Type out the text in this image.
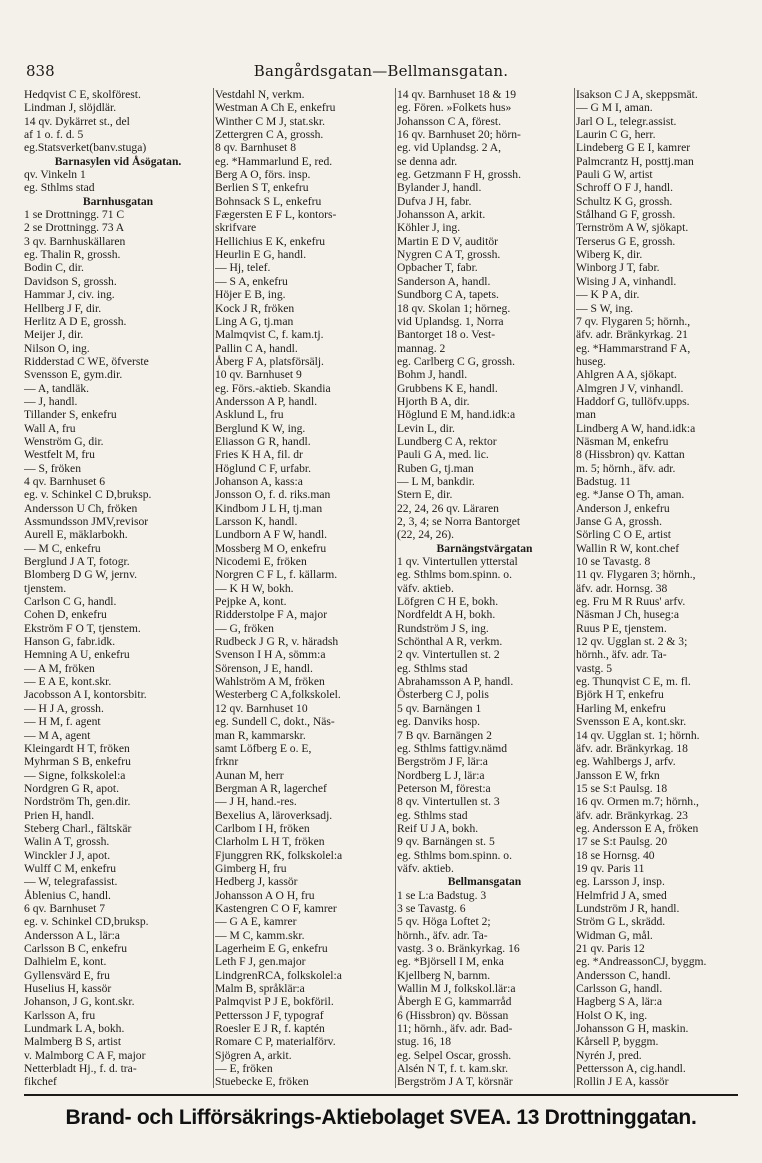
838	Bangårdsgatan—Bellmansgatan.
Hedqvist C E, skolförest.
Lindman J, slöjdlär.
14 qv. Dykärret st., del
af 1 o. f. d. 5
eg.Statsverket(banv.stuga)
Barnasylen vid Åsögatan.
qv. Vinkeln 1
eg. Sthlms stad
Barnhusgatan
1 se Drottningg. 71 C
2 se Drottningg. 73 A
3 qv. Barnhuskällaren
eg. Thalin R, grossh.
Bodin C, dir.
Davidson S, grossh.
Hammar J, civ. ing.
Hellberg J F, dir.
Herlitz A D E, grossh.
Meijer J, dir.
Nilson O, ing.
Ridderstad C WE, öfverste
Svensson E, gym.dir.
— A, tandläk.
— J, handl.
Tillander S, enkefru
Wall A, fru
Wenström G, dir.
Westfelt M, fru
— S, fröken
4 qv. Barnhuset 6
eg. v. Schinkel C D,bruksp.
Andersson U Ch, fröken
Assmundsson JMV,revisor
Aurell E, mäklarbokh.
— M C, enkefru
Berglund J A T, fotogr.
Blomberg D G W, jernv.
tjenstem.
Carlson C G, handl.
Cohen D, enkefru
Ekström F O T, tjenstem.
Hanson G, fabr.idk.
Hemning A U, enkefru
— A M, fröken
— E A E, kont.skr.
Jacobsson A I, kontorsbitr.
— H J A, grossh.
— H M, f. agent
— M A, agent
Kleingardt H T, fröken
Myhrman S B, enkefru
— Signe, folkskolel:a
Nordgren G R, apot.
Nordström Th, gen.dir.
Prien H, handl.
Steberg Charl., fältskär
Walin A T, grossh.
Winckler J J, apot.
Wulff C M, enkefru
— W, telegrafassist.
Åblenius C, handl.
6 qv. Barnhuset 7
eg. v. Schinkel CD,bruksp.
Andersson A L, lär:a
Carlsson B C, enkefru
Dalhielm E, kont.
Gyllensvärd E, fru
Huselius H, kassör
Johanson, J G, kont.skr.
Karlsson A, fru
Lundmark L A, bokh.
Malmberg B S, artist
v. Malmborg C A F, major
Netterbladt Hj., f. d. tra-
fikchef
Vestdahl N, verkm.
Westman A Ch E, enkefru
Winther C M J, stat.skr.
Zettergren C A, grossh.
8 qv. Barnhuset 8
eg. *Hammarlund E, red.
Berg A O, förs. insp.
Berlien S T, enkefru
Bohnsack S L, enkefru
Fægersten E F L, kontors-
skrifvare
Hellichius E K, enkefru
Heurlin E G, handl.
— Hj, telef.
— S A, enkefru
Höjer E B, ing.
Kock J R, fröken
Ling A G, tj.man
Malmqvist C, f. kam.tj.
Pallin C A, handl.
Åberg F A, platsförsälj.
10 qv. Barnhuset 9
eg. Förs.-aktieb. Skandia
Andersson A P, handl.
Asklund L, fru
Berglund K W, ing.
Eliasson G R, handl.
Fries K H A, fil. dr
Höglund C F, urfabr.
Johanson A, kass:a
Jonsson O, f. d. riks.man
Kindbom J L H, tj.man
Larsson K, handl.
Lundborn A F W, handl.
Mossberg M O, enkefru
Nicodemi E, fröken
Norgren C F L, f. källarm.
— K H W, bokh.
Pejpke A, kont.
Ridderstolpe F A, major
— G, fröken
Rudbeck J G R, v. häradsh
Svenson I H A, sömm:a
Sörenson, J E, handl.
Wahlström A M, fröken
Westerberg C A,folkskolel.
12 qv. Barnhuset 10
eg. Sundell C, dokt., Näs-
man R, kammarskr.
samt Löfberg E o. E,
frknr
Aunan M, herr
Bergman A R, lagerchef
— J H, hand.-res.
Bexelius A, läroverksadj.
Carlbom I H, fröken
Clarholm L H T, fröken
Fjunggren RK, folkskolel:a
Gimberg H, fru
Hedberg J, kassör
Johansson A O H, fru
Kastengren C O F, kamrer
— G A E, kamrer
— M C, kamm.skr.
Lagerheim E G, enkefru
Leth F J, gen.major
LindgrenRCA, folkskolel:a
Malm B, språklär:a
Palmqvist P J E, bokföril.
Pettersson J F, typograf
Roesler E J R, f. kaptén
Romare C P, materialförv.
Sjögren A, arkit.
— E, fröken
Stuebecke E, fröken
14 qv. Barnhuset 18 & 19
eg. Fören. »Folkets hus»
Johansson C A, förest.
16 qv. Barnhuset 20; hörn-
eg. vid Uplandsg. 2 A,
se denna adr.
eg. Getzmann F H, grossh.
Bylander J, handl.
Dufva J H, fabr.
Johansson A, arkit.
Köhler J, ing.
Martin E D V, auditör
Nygren C A T, grossh.
Opbacher T, fabr.
Sanderson A, handl.
Sundborg C A, tapets.
18 qv. Skolan 1; hörneg.
vid Uplandsg. 1, Norra
Bantorget 18 o. Vest-
mannag. 2
eg. Carlberg C G, grossh.
Bohm J, handl.
Grubbens K E, handl.
Hjorth B A, dir.
Höglund E M, hand.idk:a
Levin L, dir.
Lundberg C A, rektor
Pauli G A, med. lic.
Ruben G, tj.man
— L M, bankdir.
Stern E, dir.
22, 24, 26 qv. Läraren
2, 3, 4; se Norra Bantorget
(22, 24, 26).
Barnängstvärgatan
1 qv. Vintertullen ytterstal
eg. Sthlms bom.spinn. o.
väfv. aktieb.
Löfgren C H E, bokh.
Nordfeldt A H, bokh.
Rundström J S, ing.
Schönthal A R, verkm.
2 qv. Vintertullen st. 2
eg. Sthlms stad
Abrahamsson A P, handl.
Österberg C J, polis
5 qv. Barnängen 1
eg. Danviks hosp.
7 B qv. Barnängen 2
eg. Sthlms fattigv.nämd
Bergström J F, lär:a
Nordberg L J, lär:a
Peterson M, förest:a
8 qv. Vintertullen st. 3
eg. Sthlms stad
Reif U J A, bokh.
9 qv. Barnängen st. 5
eg. Sthlms bom.spinn. o.
väfv. aktieb.
Bellmansgatan
1 se L:a Badstug. 3
3 se Tavastg. 6
5 qv. Höga Loftet 2;
hörnh., äfv. adr. Ta-
vastg. 3 o. Bränkyrkag. 16
eg. *Björsell I M, enka
Kjellberg N, barnm.
Wallin M J, folkskol.lär:a
Åbergh E G, kammarråd
6 (Hissbron) qv. Bössan
11; hörnh., äfv. adr. Bad-
stug. 16, 18
eg. Selpel Oscar, grossh.
Alsén N T, f. t. kam.skr.
Bergström J A T, körsnär
Isakson C J A, skeppsmät.
— G M I, aman.
Jarl O L, telegr.assist.
Laurin C G, herr.
Lindeberg G E I, kamrer
Palmcrantz H, posttj.man
Pauli G W, artist
Schroff O F J, handl.
Schultz K G, grossh.
Stålhand G F, grossh.
Ternström A W, sjökapt.
Terserus G E, grossh.
Wiberg K, dir.
Winborg J T, fabr.
Wising J A, vinhandl.
— K P A, dir.
— S W, ing.
7 qv. Flygaren 5; hörnh.,
äfv. adr. Bränkyrkag. 21
eg. *Hammarstrand F A,
huseg.
Ahlgren A A, sjökapt.
Almgren J V, vinhandl.
Haddorf G, tullöfv.upps.
man
Lindberg A W, hand.idk:a
Näsman M, enkefru
8 (Hissbron) qv. Kattan
m. 5; hörnh., äfv. adr.
Badstug. 11
eg. *Janse O Th, aman.
Anderson J, enkefru
Janse G A, grossh.
Sörling C O E, artist
Wallin R W, kont.chef
10 se Tavastg. 8
11 qv. Flygaren 3; hörnh.,
äfv. adr. Hornsg. 38
eg. Fru M R Ruus' arfv.
Näsman J Ch, huseg:a
Ruus P E, tjenstem.
12 qv. Ugglan st. 2 & 3;
hörnh., äfv. adr. Ta-
vastg. 5
eg. Thunqvist C E, m. fl.
Björk H T, enkefru
Harling M, enkefru
Svensson E A, kont.skr.
14 qv. Ugglan st. 1; hörnh.
äfv. adr. Bränkyrkag. 18
eg. Wahlbergs J, arfv.
Jansson E W, frkn
15 se S:t Paulsg. 18
16 qv. Ormen m.7; hörnh.,
äfv. adr. Bränkyrkag. 23
eg. Andersson E A, fröken
17 se S:t Paulsg. 20
18 se Hornsg. 40
19 qv. Paris 11
eg. Larsson J, insp.
Helmfrid J A, smed
Lundström J R, handl.
Ström G L, skrädd.
Widman G, mål.
21 qv. Paris 12
eg. *AndreassonCJ, byggm.
Andersson C, handl.
Carlsson G, handl.
Hagberg S A, lär:a
Holst O K, ing.
Johansson G H, maskin.
Kårsell P, byggm.
Nyrén J, pred.
Pettersson A, cig.handl.
Rollin J E A, kassör
Brand- och Lifförsäkrings-Aktiebolaget SVEA. 13 Drottninggatan.
